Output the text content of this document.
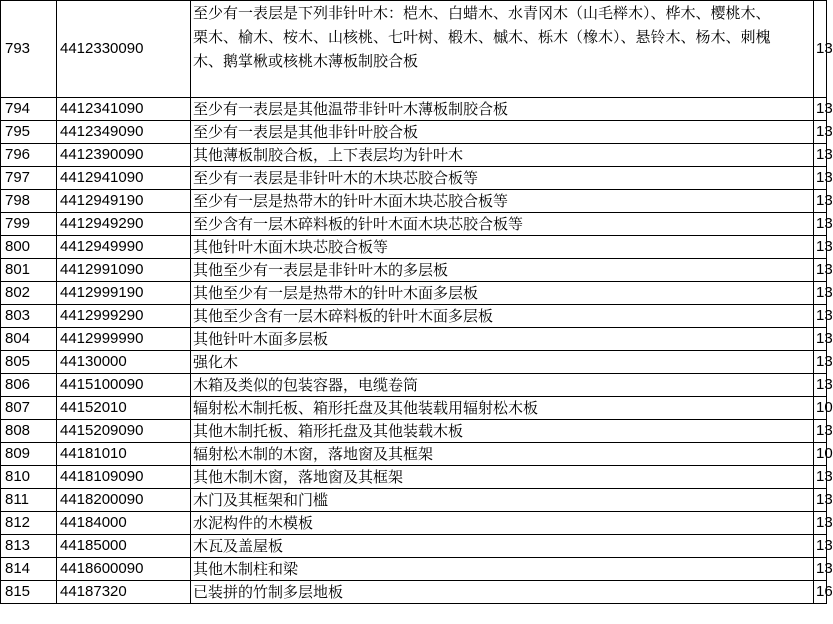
793	4412330090	至少有一表层是下列非针叶木：桤木、白蜡木、水青冈木（山毛榉木）、桦木、樱桃木、栗木、榆木、桉木、山核桃、七叶树、椴木、槭木、栎木（橡木）、悬铃木、杨木、刺槐木、鹅掌楸或核桃木薄板制胶合板	13
794	4412341090	至少有一表层是其他温带非针叶木薄板制胶合板	13
795	4412349090	至少有一表层是其他非针叶胶合板	13
796	4412390090	其他薄板制胶合板，上下表层均为针叶木	13
797	4412941090	至少有一表层是非针叶木的木块芯胶合板等	13
798	4412949190	至少有一层是热带木的针叶木面木块芯胶合板等	13
799	4412949290	至少含有一层木碎料板的针叶木面木块芯胶合板等	13
800	4412949990	其他针叶木面木块芯胶合板等	13
801	4412991090	其他至少有一表层是非针叶木的多层板	13
802	4412999190	其他至少有一层是热带木的针叶木面多层板	13
803	4412999290	其他至少含有一层木碎料板的针叶木面多层板	13
804	4412999990	其他针叶木面多层板	13
805	44130000	强化木	13
806	4415100090	木箱及类似的包装容器，电缆卷筒	13
807	44152010	辐射松木制托板、箱形托盘及其他装载用辐射松木板	10
808	4415209090	其他木制托板、箱形托盘及其他装载木板	13
809	44181010	辐射松木制的木窗，落地窗及其框架	10
810	4418109090	其他木制木窗，落地窗及其框架	13
811	4418200090	木门及其框架和门槛	13
812	44184000	水泥构件的木模板	13
813	44185000	木瓦及盖屋板	13
814	4418600090	其他木制柱和梁	13
815	44187320	已装拼的竹制多层地板	16
